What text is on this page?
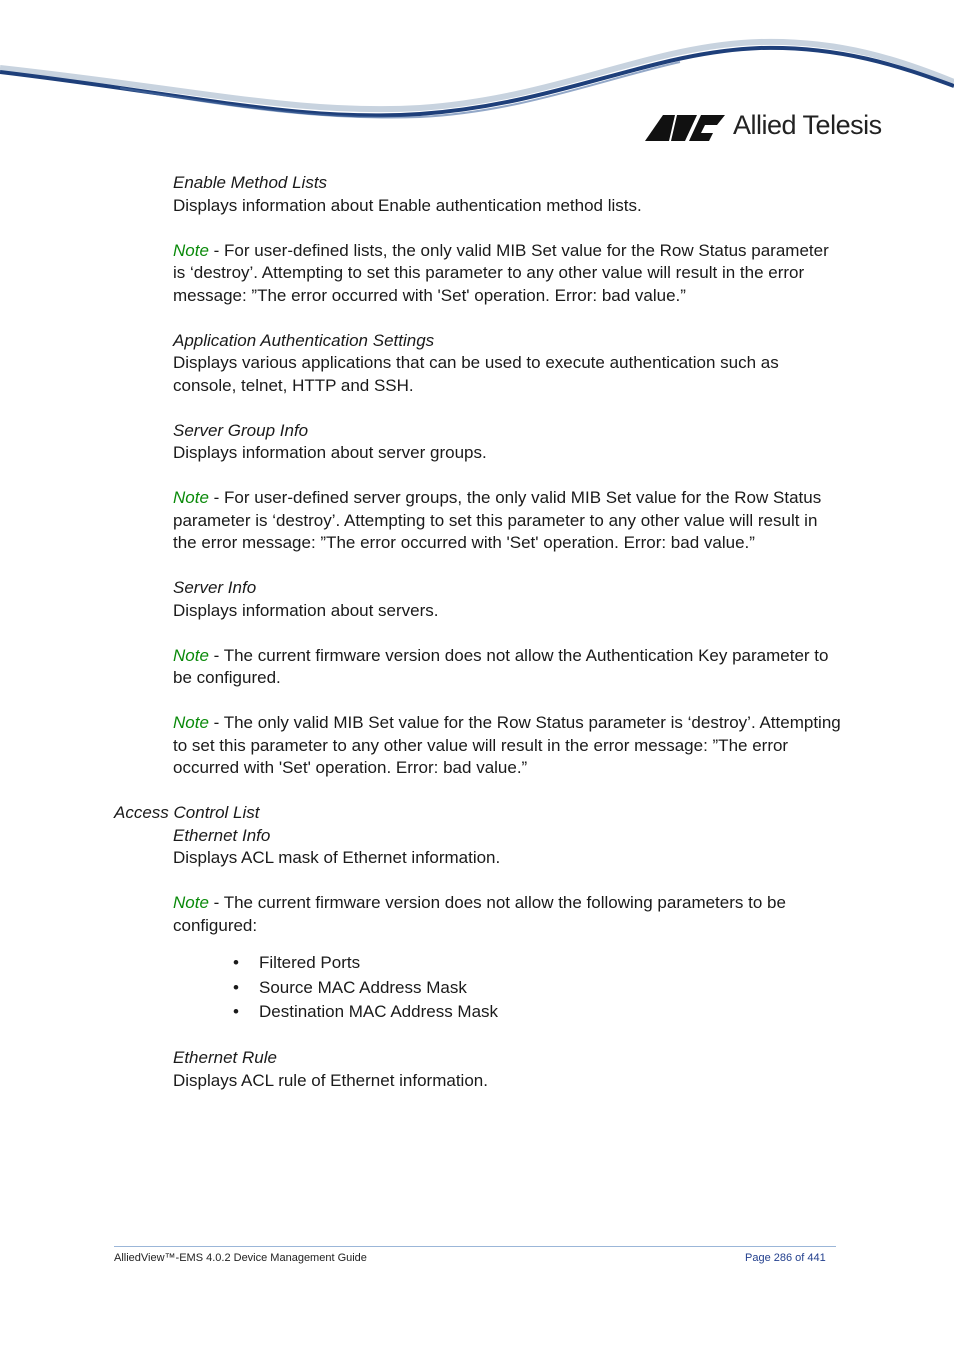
Allied Telesis
Enable Method Lists

Displays information about Enable authentication method lists.

Note - For user-defined lists, the only valid MIB Set value for the Row Status parameter is ‘destroy’. Attempting to set this parameter to any other value will result in the error message: ”The error occurred with 'Set' operation. Error: bad value.”

Application Authentication Settings

Displays various applications that can be used to execute authentication such as console, telnet, HTTP and SSH.

Server Group Info

Displays information about server groups.

Note - For user-defined server groups, the only valid MIB Set value for the Row Status parameter is ‘destroy’. Attempting to set this parameter to any other value will result in the error message: ”The error occurred with 'Set' operation. Error: bad value.”

Server Info

Displays information about servers.

Note - The current firmware version does not allow the Authentication Key parameter to be configured.

Note - The only valid MIB Set value for the Row Status parameter is ‘destroy’. Attempting to set this parameter to any other value will result in the error message: ”The error occurred with 'Set' operation. Error: bad value.”

Access Control List
Ethernet Info

Displays ACL mask of Ethernet information.

Note - The current firmware version does not allow the following parameters to be configured:

• Filtered Ports
• Source MAC Address Mask
• Destination MAC Address Mask
Ethernet Rule

Displays ACL rule of Ethernet information.

AlliedView™-EMS 4.0.2 Device Management Guide	Page 286 of 441
